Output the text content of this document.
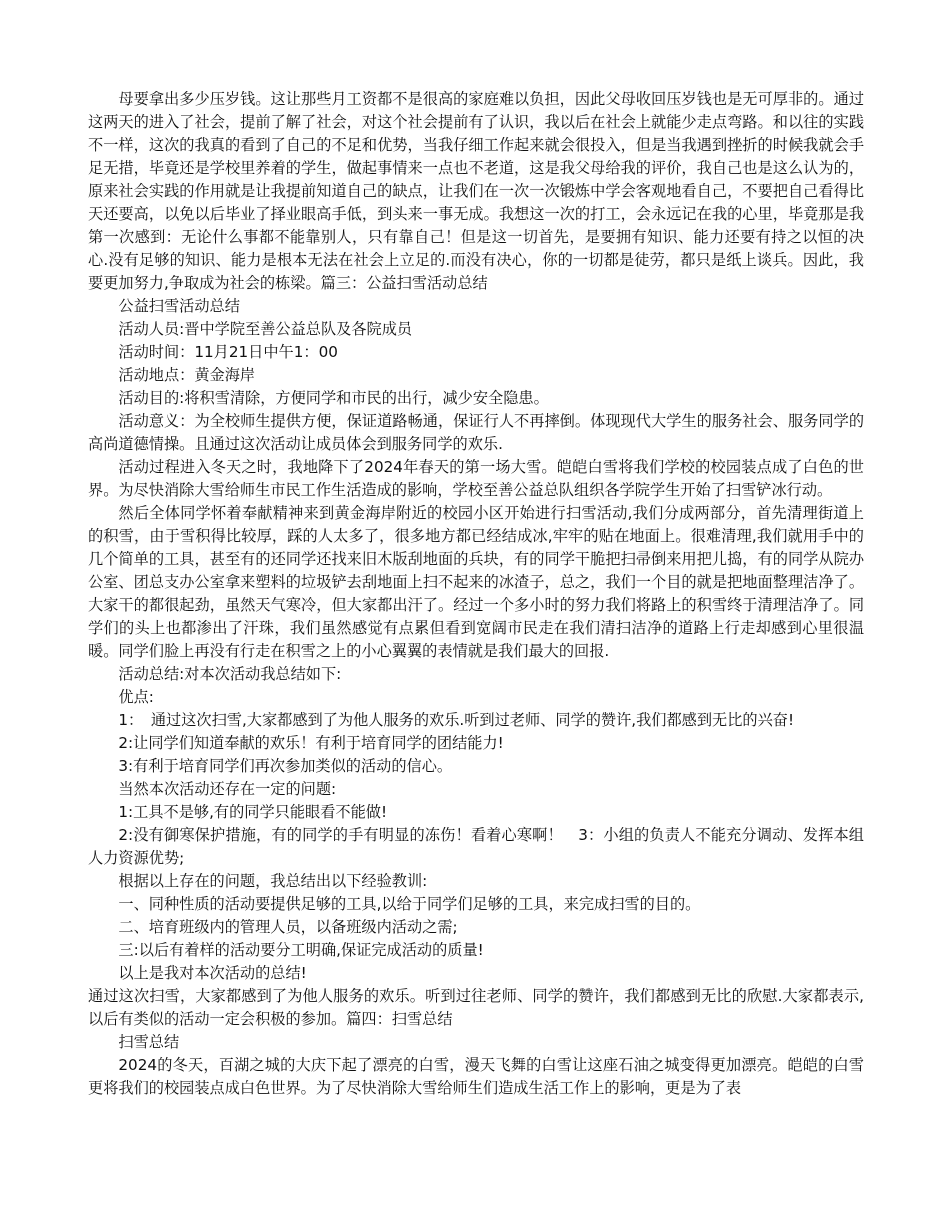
母要拿出多少压岁钱。这让那些月工资都不是很高的家庭难以负担，因此父母收回压岁钱也是无可厚非的。通过这两天的进入了社会，提前了解了社会，对这个社会提前有了认识，我以后在社会上就能少走点弯路。和以往的实践不一样，这次的我真的看到了自己的不足和优势，当我仔细工作起来就会很投入，但是当我遇到挫折的时候我就会手足无措，毕竟还是学校里养着的学生，做起事情来一点也不老道，这是我父母给我的评价，我自己也是这么认为的，原来社会实践的作用就是让我提前知道自己的缺点，让我们在一次一次锻炼中学会客观地看自己，不要把自己看得比天还要高，以免以后毕业了择业眼高手低，到头来一事无成。我想这一次的打工，会永远记在我的心里，毕竟那是我第一次感到：无论什么事都不能靠别人，只有靠自己！但是这一切首先，是要拥有知识、能力还要有持之以恒的决心.没有足够的知识、能力是根本无法在社会上立足的.而没有决心，你的一切都是徒劳，都只是纸上谈兵。因此，我要更加努力,争取成为社会的栋梁。篇三：公益扫雪活动总结

公益扫雪活动总结

活动人员:晋中学院至善公益总队及各院成员

活动时间：11月21日中午1：00

活动地点：黄金海岸

活动目的:将积雪清除，方便同学和市民的出行，减少安全隐患。

活动意义：为全校师生提供方便，保证道路畅通，保证行人不再摔倒。体现现代大学生的服务社会、服务同学的高尚道德情操。且通过这次活动让成员体会到服务同学的欢乐.

活动过程进入冬天之时，我地降下了2024年春天的第一场大雪。皑皑白雪将我们学校的校园装点成了白色的世界。为尽快消除大雪给师生市民工作生活造成的影响，学校至善公益总队组织各学院学生开始了扫雪铲冰行动。

然后全体同学怀着奉献精神来到黄金海岸附近的校园小区开始进行扫雪活动,我们分成两部分，首先清理街道上的积雪，由于雪积得比较厚，踩的人太多了，很多地方都已经结成冰,牢牢的贴在地面上。很难清理,我们就用手中的几个简单的工具，甚至有的还同学还找来旧木版刮地面的兵块，有的同学干脆把扫帚倒来用把儿捣，有的同学从院办公室、团总支办公室拿来塑料的垃圾铲去刮地面上扫不起来的冰渣子，总之，我们一个目的就是把地面整理洁净了。大家干的都很起劲，虽然天气寒冷，但大家都出汗了。经过一个多小时的努力我们将路上的积雪终于清理洁净了。同学们的头上也都渗出了汗珠，我们虽然感觉有点累但看到宽阔市民走在我们清扫洁净的道路上行走却感到心里很温暖。同学们脸上再没有行走在积雪之上的小心翼翼的表情就是我们最大的回报.

活动总结:对本次活动我总结如下:

优点:

1：　通过这次扫雪,大家都感到了为他人服务的欢乐.听到过老师、同学的赞许,我们都感到无比的兴奋!

2:让同学们知道奉献的欢乐！有利于培育同学的团结能力!

3:有利于培育同学们再次参加类似的活动的信心。

当然本次活动还存在一定的问题:

1:工具不是够,有的同学只能眼看不能做!

2:没有御寒保护措施，有的同学的手有明显的冻伤！看着心寒啊！　3：小组的负责人不能充分调动、发挥本组人力资源优势;

根据以上存在的问题，我总结出以下经验教训:

一、同种性质的活动要提供足够的工具,以给于同学们足够的工具，来完成扫雪的目的。

二、培育班级内的管理人员，以备班级内活动之需;

三:以后有着样的活动要分工明确,保证完成活动的质量!

以上是我对本次活动的总结!

通过这次扫雪，大家都感到了为他人服务的欢乐。听到过往老师、同学的赞许，我们都感到无比的欣慰.大家都表示,以后有类似的活动一定会积极的参加。篇四：扫雪总结

扫雪总结

2024的冬天，百湖之城的大庆下起了漂亮的白雪，漫天飞舞的白雪让这座石油之城变得更加漂亮。皑皑的白雪更将我们的校园装点成白色世界。为了尽快消除大雪给师生们造成生活工作上的影响，更是为了表
